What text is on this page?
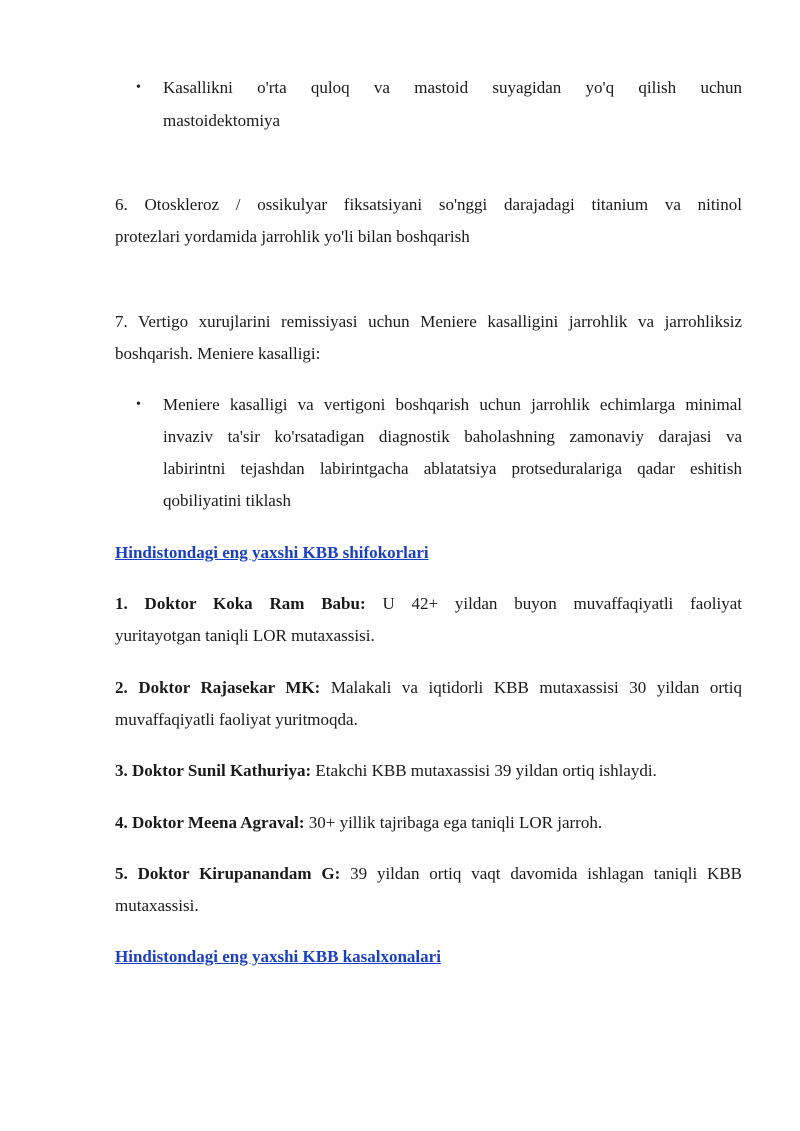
• Kasallikni o'rta quloq va mastoid suyagidan yo'q qilish uchun
mastoidektomiya
6. Otoskleroz / ossikulyar fiksatsiyani so'nggi darajadagi titanium va nitinol
protezlari yordamida jarrohlik yo'li bilan boshqarish
7. Vertigo xurujlarini remissiyasi uchun Meniere kasalligini jarrohlik va jarrohliksiz
boshqarish. Meniere kasalligi:
• Meniere kasalligi va vertigoni boshqarish uchun jarrohlik echimlarga minimal
invaziv ta'sir ko'rsatadigan diagnostik baholashning zamonaviy darajasi va
labirintni tejashdan labirintgacha ablatatsiya protseduralariga qadar eshitish
qobiliyatini tiklash
Hindistondagi eng yaxshi KBB shifokorlari
1. Doktor Koka Ram Babu: U 42+ yildan buyon muvaffaqiyatli faoliyat
yuritayotgan taniqli LOR mutaxassisi.
2. Doktor Rajasekar MK: Malakali va iqtidorli KBB mutaxassisi 30 yildan ortiq
muvaffaqiyatli faoliyat yuritmoqda.
3. Doktor Sunil Kathuriya: Etakchi KBB mutaxassisi 39 yildan ortiq ishlaydi.
4. Doktor Meena Agraval: 30+ yillik tajribaga ega taniqli LOR jarroh.
5. Doktor Kirupanandam G: 39 yildan ortiq vaqt davomida ishlagan taniqli KBB
mutaxassisi.
Hindistondagi eng yaxshi KBB kasalxonalari
